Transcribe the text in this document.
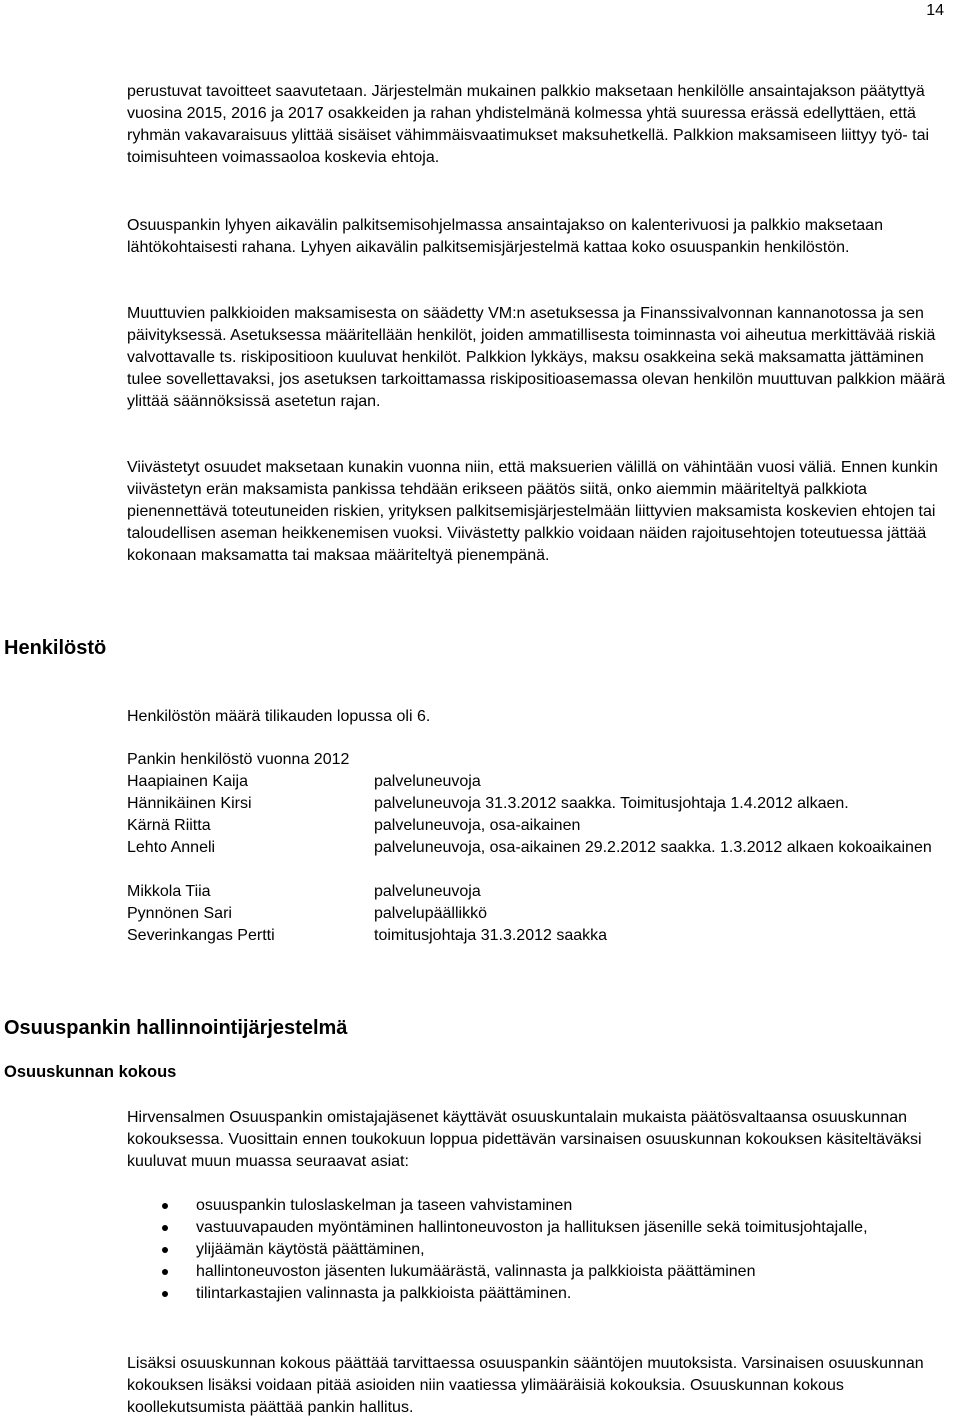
14

perustuvat tavoitteet saavutetaan. Järjestelmän mukainen palkkio maksetaan henkilölle ansaintajakson päätyttyä vuosina 2015, 2016 ja 2017 osakkeiden ja rahan yhdistelmänä kolmessa yhtä suuressa erässä edellyttäen, että ryhmän vakavaraisuus ylittää sisäiset vähimmäisvaatimukset maksuhetkellä. Palkkion maksamiseen liittyy työ- tai toimisuhteen voimassaoloa koskevia ehtoja.

Osuuspankin lyhyen aikavälin palkitsemisohjelmassa ansaintajakso on kalenterivuosi ja palkkio maksetaan lähtökohtaisesti rahana. Lyhyen aikavälin palkitsemisjärjestelmä kattaa koko osuuspankin henkilöstön.

Muuttuvien palkkioiden maksamisesta on säädetty VM:n asetuksessa ja Finanssivalvonnan kannanotossa ja sen päivityksessä. Asetuksessa määritellään henkilöt, joiden ammatillisesta toiminnasta voi aiheutua merkittävää riskiä valvottavalle ts. riskipositioon kuuluvat henkilöt. Palkkion lykkäys, maksu osakkeina sekä maksamatta jättäminen tulee sovellettavaksi, jos asetuksen tarkoittamassa riskipositioasemassa olevan henkilön muuttuvan palkkion määrä ylittää säännöksissä asetetun rajan.

Viivästetyt osuudet maksetaan kunakin vuonna niin, että maksuerien välillä on vähintään vuosi väliä. Ennen kunkin viivästetyn erän maksamista pankissa tehdään erikseen päätös siitä, onko aiemmin määriteltyä palkkiota pienennettävä toteutuneiden riskien, yrityksen palkitsemisjärjestelmään liittyvien maksamista koskevien ehtojen tai taloudellisen aseman heikkenemisen vuoksi. Viivästetty palkkio voidaan näiden rajoitusehtojen toteutuessa jättää kokonaan maksamatta tai maksaa määriteltyä pienempänä.

Henkilöstö

Henkilöstön määrä tilikauden lopussa oli 6.

Pankin henkilöstö vuonna 2012
Haapiainen Kaija	palveluneuvoja
Hännikäinen Kirsi	palveluneuvoja 31.3.2012 saakka. Toimitusjohtaja 1.4.2012 alkaen.
Kärnä Riitta	palveluneuvoja, osa-aikainen
Lehto Anneli	palveluneuvoja, osa-aikainen 29.2.2012 saakka. 1.3.2012 alkaen kokoaikainen
Mikkola Tiia	palveluneuvoja
Pynnönen Sari	palvelupäällikkö
Severinkangas Pertti	toimitusjohtaja 31.3.2012 saakka
Osuuspankin hallinnointijärjestelmä
Osuuskunnan kokous

Hirvensalmen Osuuspankin omistajajäsenet käyttävät osuuskuntalain mukaista päätösvaltaansa osuuskunnan kokouksessa. Vuosittain ennen toukokuun loppua pidettävän varsinaisen osuuskunnan kokouksen käsiteltäväksi kuuluvat muun muassa seuraavat asiat:

osuuspankin tuloslaskelman ja taseen vahvistaminen
vastuuvapauden myöntäminen hallintoneuvoston ja hallituksen jäsenille sekä toimitusjohtajalle,
ylijäämän käytöstä päättäminen,
hallintoneuvoston jäsenten lukumäärästä, valinnasta ja palkkioista päättäminen
tilintarkastajien valinnasta ja palkkioista päättäminen.

Lisäksi osuuskunnan kokous päättää tarvittaessa osuuspankin sääntöjen muutoksista. Varsinaisen osuuskunnan kokouksen lisäksi voidaan pitää asioiden niin vaatiessa ylimääräisiä kokouksia. Osuuskunnan kokous koollekutsumista päättää pankin hallitus.
